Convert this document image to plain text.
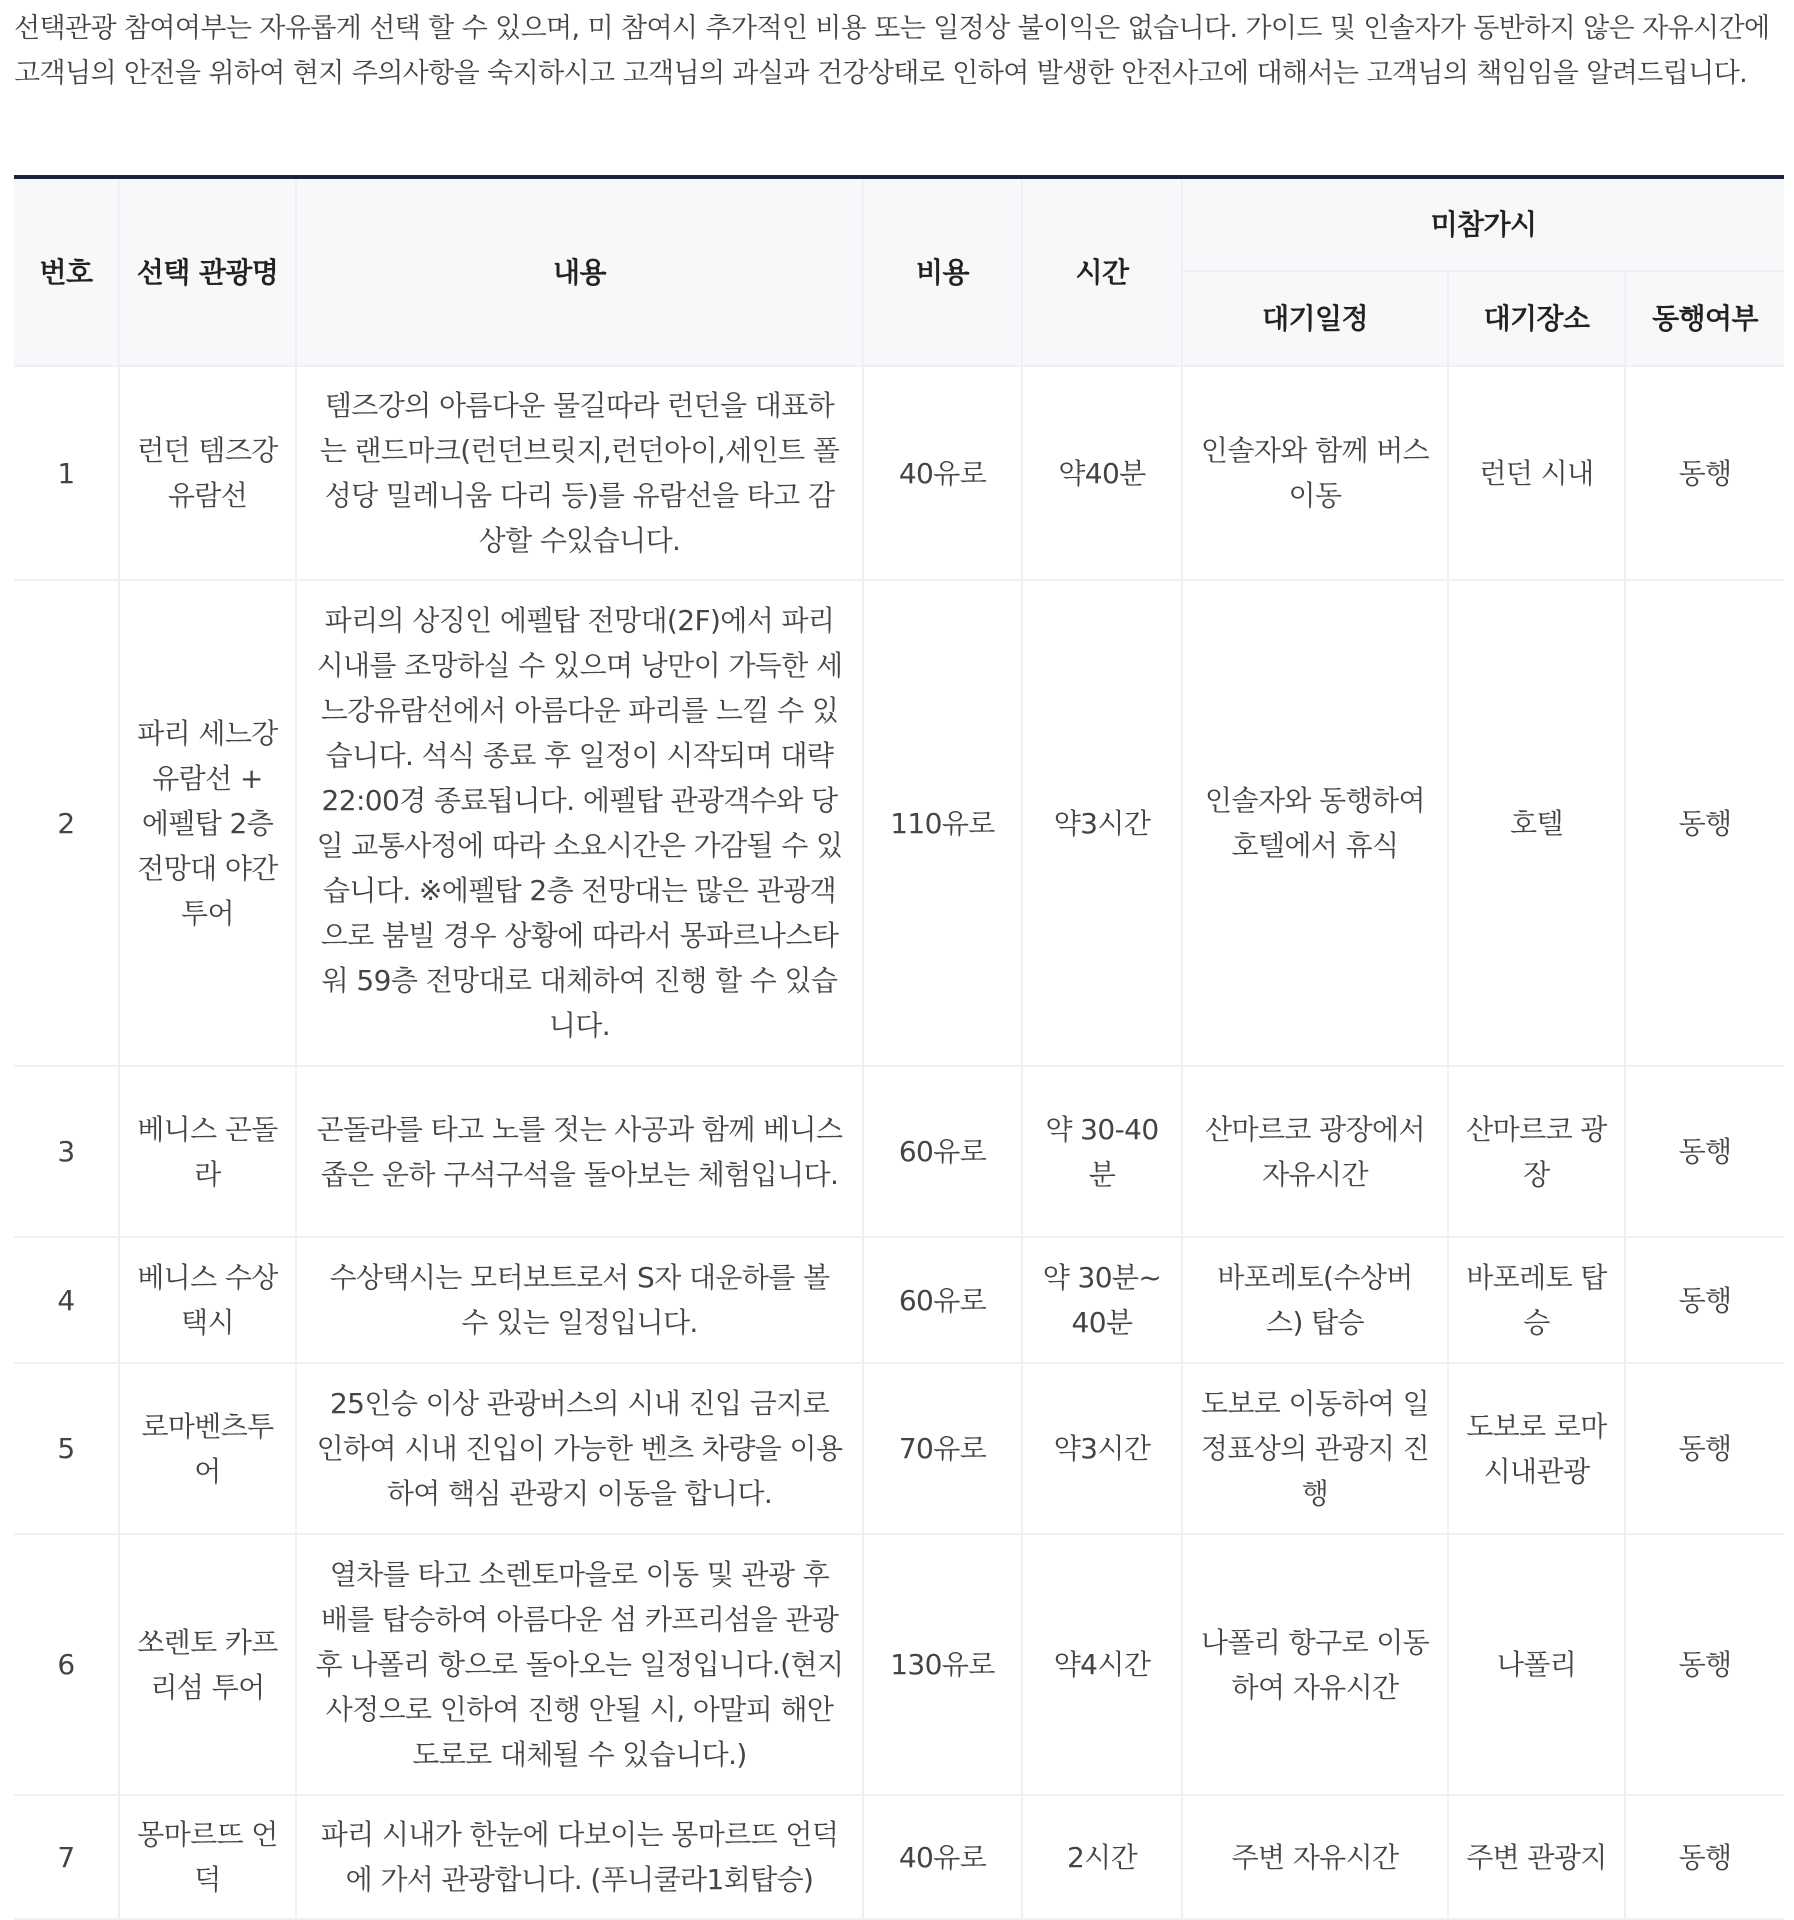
선택관광 참여여부는 자유롭게 선택 할 수 있으며, 미 참여시 추가적인 비용 또는 일정상 불이익은 없습니다. 가이드 및 인솔자가 동반하지 않은 자유시간에 고객님의 안전을 위하여 현지 주의사항을 숙지하시고 고객님의 과실과 건강상태로 인하여 발생한 안전사고에 대해서는 고객님의 책임임을 알려드립니다.

번호	선택 관광명	내용	비용	시간	미참가시		
					대기일정	대기장소	동행여부
1	런던 템즈강 유람선	템즈강의 아름다운 물길따라 런던을 대표하는 랜드마크(런던브릿지,런던아이,세인트 폴성당 밀레니움 다리 등)를 유람선을 타고 감상할 수있습니다.	40유로	약40분	인솔자와 함께 버스 이동	런던 시내	동행
2	파리 세느강 유람선 + 에펠탑 2층 전망대 야간 투어	파리의 상징인 에펠탑 전망대(2F)에서 파리시내를 조망하실 수 있으며 낭만이 가득한 세느강유람선에서 아름다운 파리를 느낄 수 있습니다. 석식 종료 후 일정이 시작되며 대략 22:00경 종료됩니다. 에펠탑 관광객수와 당일 교통사정에 따라 소요시간은 가감될 수 있습니다. ※에펠탑 2층 전망대는 많은 관광객으로 붐빌 경우 상황에 따라서 몽파르나스타워 59층 전망대로 대체하여 진행 할 수 있습니다.	110유로	약3시간	인솔자와 동행하여 호텔에서 휴식	호텔	동행
3	베니스 곤돌라	곤돌라를 타고 노를 젓는 사공과 함께 베니스 좁은 운하 구석구석을 돌아보는 체험입니다.	60유로	약 30-40분	산마르코 광장에서 자유시간	산마르코 광장	동행
4	베니스 수상택시	수상택시는 모터보트로서 S자 대운하를 볼 수 있는 일정입니다.	60유로	약 30분~40분	바포레토(수상버스) 탑승	바포레토 탑승	동행
5	로마벤츠투어	25인승 이상 관광버스의 시내 진입 금지로 인하여 시내 진입이 가능한 벤츠 차량을 이용하여 핵심 관광지 이동을 합니다.	70유로	약3시간	도보로 이동하여 일정표상의 관광지 진행	도보로 로마 시내관광	동행
6	쏘렌토 카프리섬 투어	열차를 타고 소렌토마을로 이동 및 관광 후 배를 탑승하여 아름다운 섬 카프리섬을 관광 후 나폴리 항으로 돌아오는 일정입니다.(현지사정으로 인하여 진행 안될 시, 아말피 해안도로로 대체될 수 있습니다.)	130유로	약4시간	나폴리 항구로 이동하여 자유시간	나폴리	동행
7	몽마르뜨 언덕	파리 시내가 한눈에 다보이는 몽마르뜨 언덕에 가서 관광합니다. (푸니쿨라1회탑승)	40유로	2시간	주변 자유시간	주변 관광지	동행
